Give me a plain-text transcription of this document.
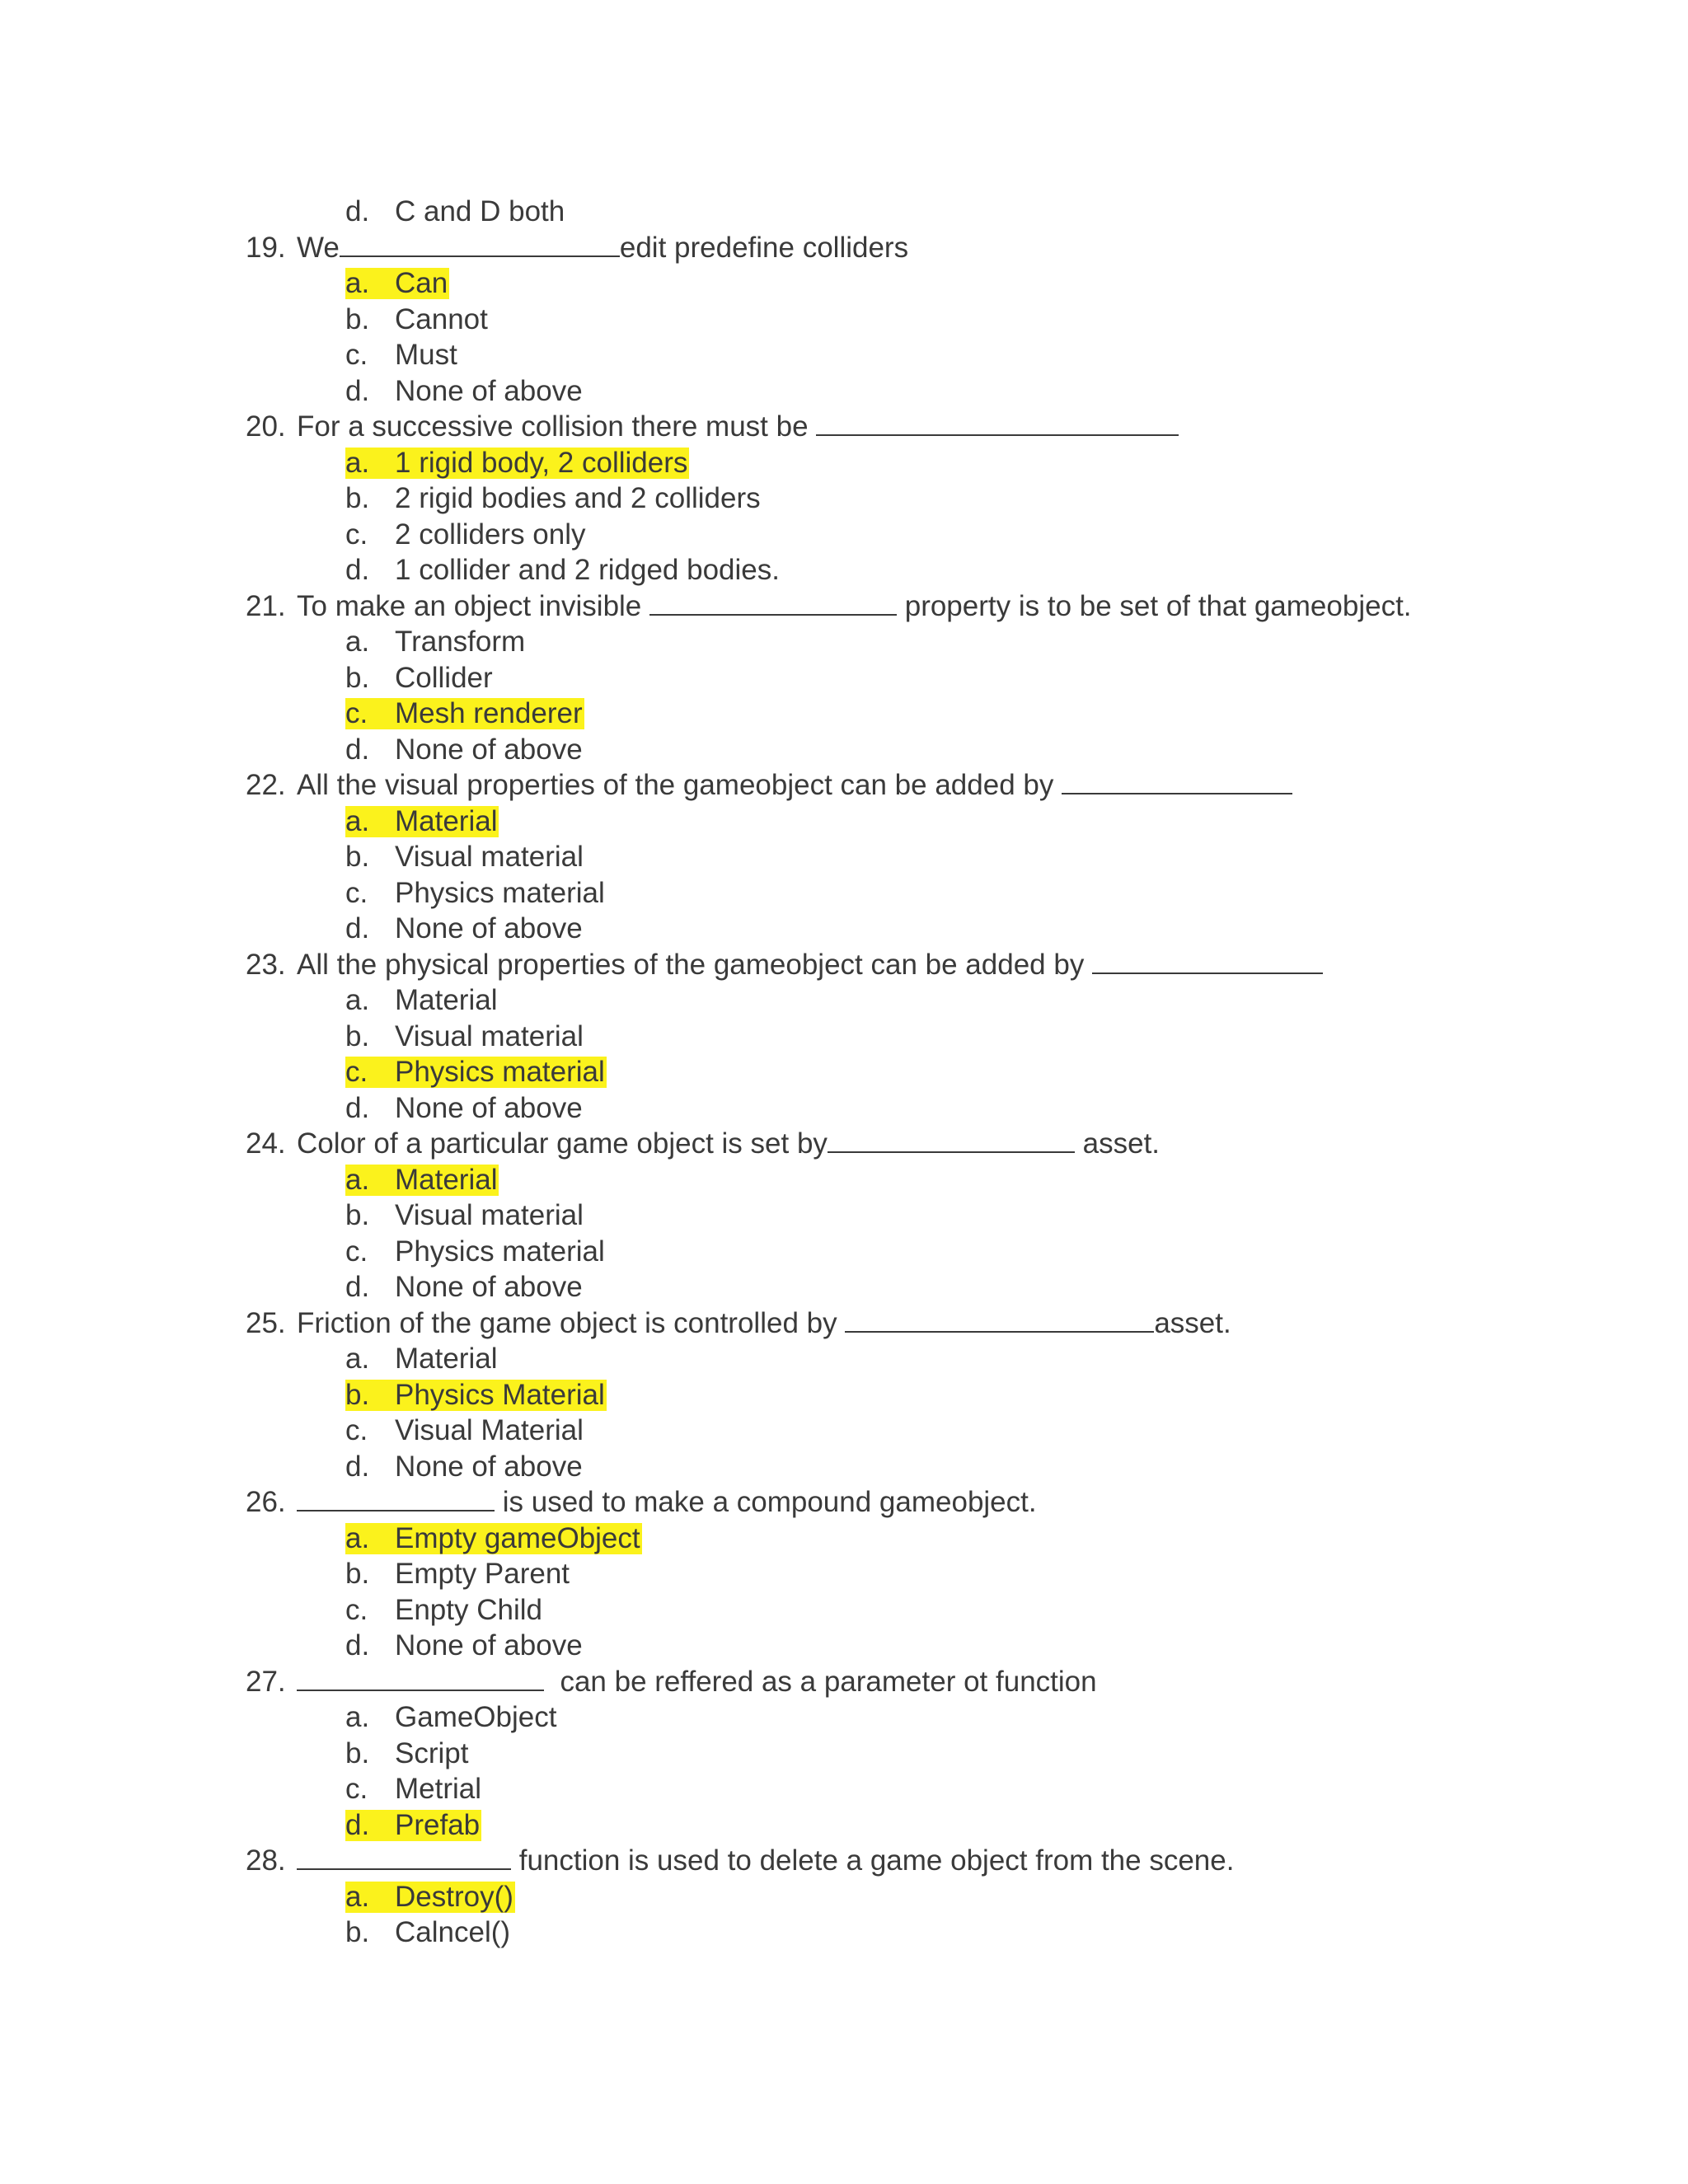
d. C and D both
19. We	edit predefine colliders
a. Can
b. Cannot
c. Must
d. None of above
20. For a successive collision there must be
a. 1 rigid body, 2 colliders
b. 2 rigid bodies and 2 colliders
c. 2 colliders only
d. 1 collider and 2 ridged bodies.
21. To make an object invisible	property is to be set of that gameobject.
a. Transform
b. Collider
c. Mesh renderer
d. None of above
22. All the visual properties of the gameobject can be added by
a. Material
b. Visual material
c. Physics material
d. None of above
23. All the physical properties of the gameobject can be added by
a. Material
b. Visual material
c. Physics material
d. None of above
24. Color of a particular game object is set by	asset.
a. Material
b. Visual material
c. Physics material
d. None of above
25. Friction of the game object is controlled by	asset.
a. Material
b. Physics Material
c. Visual Material
d. None of above
26.	is used to make a compound gameobject.
a. Empty gameObject
b. Empty Parent
c. Enpty Child
d. None of above
27.	can be reffered as a parameter ot function
a. GameObject
b. Script
c. Metrial
d. Prefab
28.	function is used to delete a game object from the scene.
a. Destroy()
b. Calncel()
